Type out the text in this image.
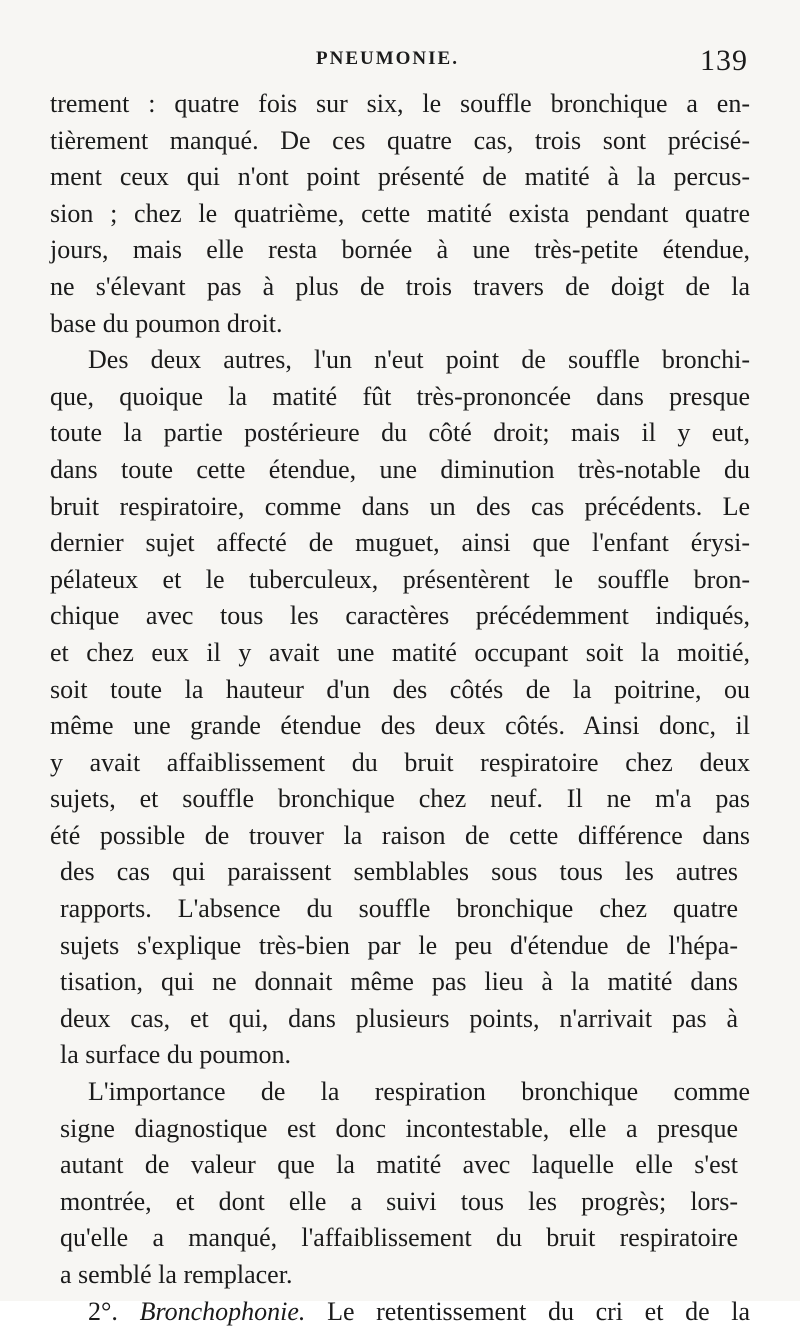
PNEUMONIE.	139
trement : quatre fois sur six, le souffle bronchique a en-
tièrement manqué. De ces quatre cas, trois sont précisé-
ment ceux qui n'ont point présenté de matité à la percus-
sion ; chez le quatrième, cette matité exista pendant quatre
jours, mais elle resta bornée à une très-petite étendue,
ne s'élevant pas à plus de trois travers de doigt de la
base du poumon droit.
Des deux autres, l'un n'eut point de souffle bronchi-
que, quoique la matité fût très-prononcée dans presque
toute la partie postérieure du côté droit; mais il y eut,
dans toute cette étendue, une diminution très-notable du
bruit respiratoire, comme dans un des cas précédents. Le
dernier sujet affecté de muguet, ainsi que l'enfant érysi-
pélateux et le tuberculeux, présentèrent le souffle bron-
chique avec tous les caractères précédemment indiqués,
et chez eux il y avait une matité occupant soit la moitié,
soit toute la hauteur d'un des côtés de la poitrine, ou
même une grande étendue des deux côtés. Ainsi donc, il
y avait affaiblissement du bruit respiratoire chez deux
sujets, et souffle bronchique chez neuf. Il ne m'a pas
été possible de trouver la raison de cette différence dans
des cas qui paraissent semblables sous tous les autres
rapports. L'absence du souffle bronchique chez quatre
sujets s'explique très-bien par le peu d'étendue de l'hépa-
tisation, qui ne donnait même pas lieu à la matité dans
deux cas, et qui, dans plusieurs points, n'arrivait pas à
la surface du poumon.
L'importance de la respiration bronchique comme
signe diagnostique est donc incontestable, elle a presque
autant de valeur que la matité avec laquelle elle s'est
montrée, et dont elle a suivi tous les progrès; lors-
qu'elle a manqué, l'affaiblissement du bruit respiratoire
a semblé la remplacer.
2°. Bronchophonie. Le retentissement du cri et de la
